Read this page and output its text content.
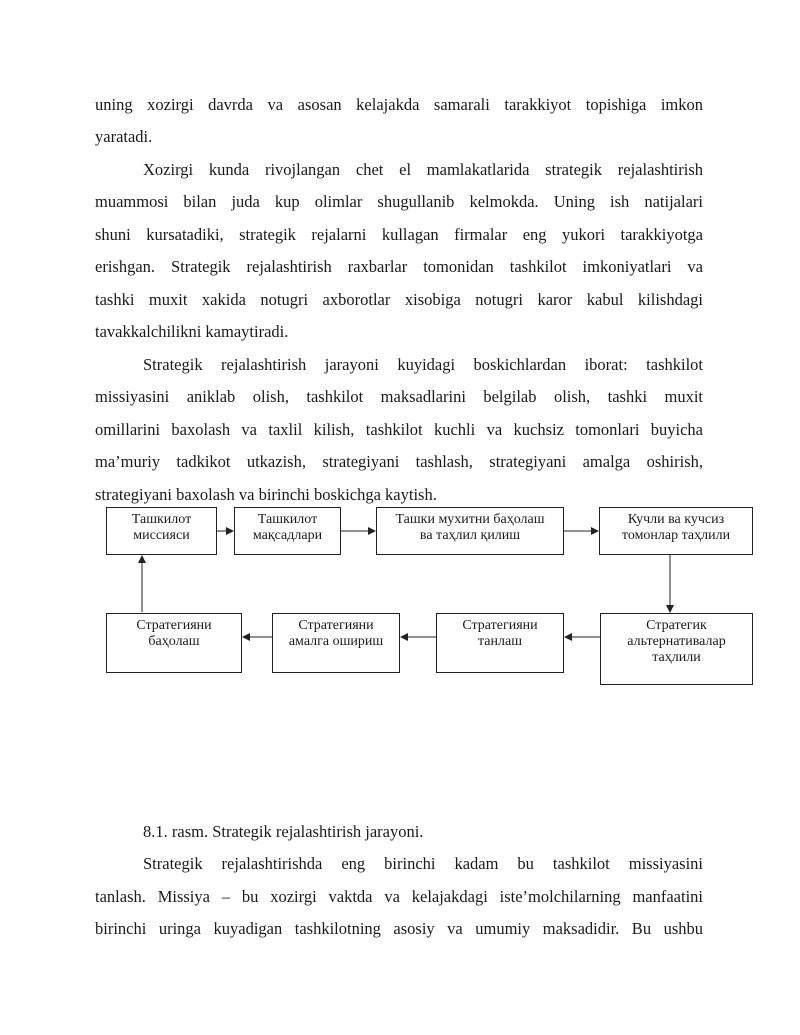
uning xozirgi davrda va asosan kelajakda samarali tarakkiyot topishiga imkon

yaratadi.

Xozirgi kunda rivojlangan chet el mamlakatlarida strategik rejalashtirish

muammosi bilan juda kup olimlar shugullanib kelmokda. Uning ish natijalari

shuni kursatadiki, strategik rejalarni kullagan firmalar eng yukori tarakkiyotga

erishgan. Strategik rejalashtirish raxbarlar tomonidan tashkilot imkoniyatlari va

tashki muxit xakida notugri axborotlar xisobiga notugri karor kabul kilishdagi

tavakkalchilikni kamaytiradi.

Strategik rejalashtirish jarayoni kuyidagi boskichlardan iborat: tashkilot

missiyasini aniklab olish, tashkilot maksadlarini belgilab olish, tashki muxit

omillarini baxolash va taxlil kilish, tashkilot kuchli va kuchsiz tomonlari buyicha

ma’muriy tadkikot utkazish, strategiyani tashlash, strategiyani amalga oshirish,

strategiyani baxolash va birinchi boskichga kaytish.

Ташкилот
миссияси
Ташкилот
мақсадлари
Ташки мухитни баҳолаш
ва таҳлил қилиш
Кучли ва кучсиз
томонлар таҳлили
Стратегияни
баҳолаш
Стратегияни
амалга ошириш
Стратегияни
танлаш
Стратегик
альтернативалар
таҳлили

8.1. rasm. Strategik rejalashtirish jarayoni.

Strategik rejalashtirishda eng birinchi kadam bu tashkilot missiyasini

tanlash. Missiya – bu xozirgi vaktda va kelajakdagi iste’molchilarning manfaatini

birinchi uringa kuyadigan tashkilotning asosiy va umumiy maksadidir. Bu ushbu
